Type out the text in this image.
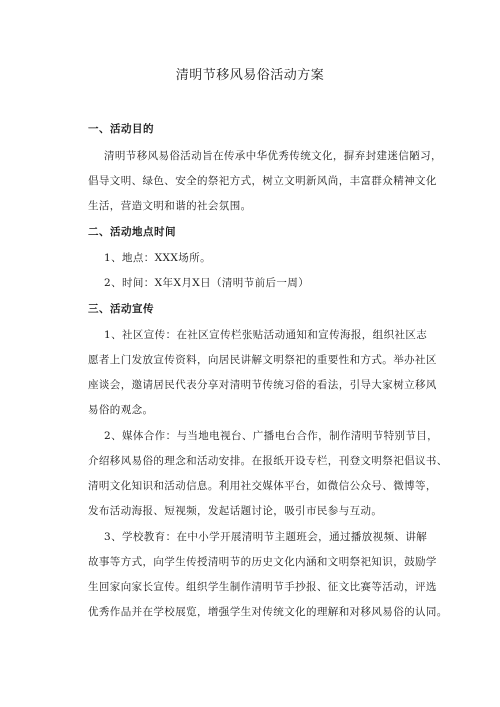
清明节移风易俗活动方案
一、活动目的
清明节移风易俗活动旨在传承中华优秀传统文化，摒弃封建迷信陋习，
倡导文明、绿色、安全的祭祀方式，树立文明新风尚，丰富群众精神文化
生活，营造文明和谐的社会氛围。
二、活动地点时间
1、地点：XXX场所。
2、时间：X年X月X日（清明节前后一周）
三、活动宣传
1、社区宣传：在社区宣传栏张贴活动通知和宣传海报，组织社区志
愿者上门发放宣传资料，向居民讲解文明祭祀的重要性和方式。举办社区
座谈会，邀请居民代表分享对清明节传统习俗的看法，引导大家树立移风
易俗的观念。
2、媒体合作：与当地电视台、广播电台合作，制作清明节特别节目，
介绍移风易俗的理念和活动安排。在报纸开设专栏，刊登文明祭祀倡议书、
清明文化知识和活动信息。利用社交媒体平台，如微信公众号、微博等，
发布活动海报、短视频，发起话题讨论，吸引市民参与互动。
3、学校教育：在中小学开展清明节主题班会，通过播放视频、讲解
故事等方式，向学生传授清明节的历史文化内涵和文明祭祀知识，鼓励学
生回家向家长宣传。组织学生制作清明节手抄报、征文比赛等活动，评选
优秀作品并在学校展览，增强学生对传统文化的理解和对移风易俗的认同。
